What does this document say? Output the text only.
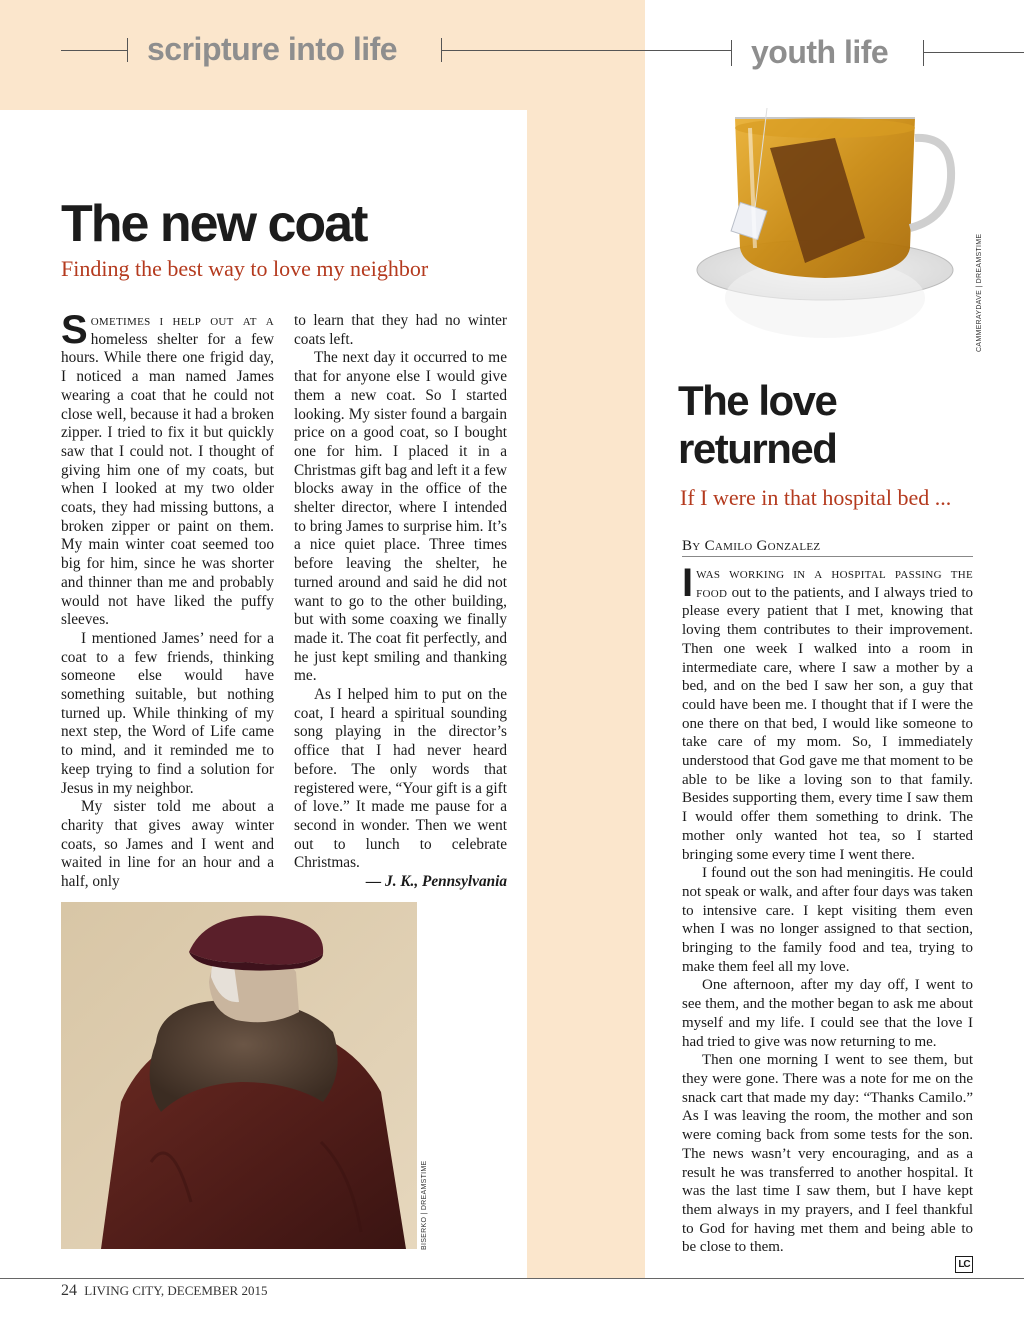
scripture into life	youth life
The new coat
Finding the best way to love my neighbor

Sometimes i help out at a homeless shelter for a few hours. While there one frigid day, I noticed a man named James wearing a coat that he could not close well, because it had a broken zipper. I tried to fix it but quickly saw that I could not. I thought of giving him one of my coats, but when I looked at my two older coats, they had missing buttons, a broken zipper or paint on them. My main winter coat seemed too big for him, since he was shorter and thinner than me and probably would not have liked the puffy sleeves.

I mentioned James’ need for a coat to a few friends, thinking someone else would have something suitable, but nothing turned up. While thinking of my next step, the Word of Life came to mind, and it reminded me to keep trying to find a solution for Jesus in my neighbor.

My sister told me about a charity that gives away winter coats, so James and I went and waited in line for an hour and a half, only

to learn that they had no winter coats left.

The next day it occurred to me that for anyone else I would give them a new coat. So I started looking. My sister found a bargain price on a good coat, so I bought one for him. I placed it in a Christmas gift bag and left it a few blocks away in the office of the shelter director, where I intended to bring James to surprise him. It’s a nice quiet place. Three times before leaving the shelter, he turned around and said he did not want to go to the other building, but with some coaxing we finally made it. The coat fit perfectly, and he just kept smiling and thanking me.

As I helped him to put on the coat, I heard a spiritual sounding song playing in the director’s office that I had never heard before. The only words that registered were, “Your gift is a gift of love.” It made me pause for a second in wonder. Then we went out to lunch to celebrate Christmas.

— J. K., Pennsylvania

BISERKO | DREAMSTIME
CAMMERAYDAVE | DREAMSTIME
The love
returned
If I were in that hospital bed ...
By Camilo Gonzalez

Iwas working in a hospital passing the food out to the patients, and I always tried to please every patient that I met, knowing that loving them contributes to their improvement. Then one week I walked into a room in intermediate care, where I saw a mother by a bed, and on the bed I saw her son, a guy that could have been me. I thought that if I were the one there on that bed, I would like someone to take care of my mom. So, I immediately understood that God gave me that moment to be able to be like a loving son to that family. Besides supporting them, every time I saw them I would offer them something to drink. The mother only wanted hot tea, so I started bringing some every time I went there.

I found out the son had meningitis. He could not speak or walk, and after four days was taken to intensive care. I kept visiting them even when I was no longer assigned to that section, bringing to the family food and tea, trying to make them feel all my love.

One afternoon, after my day off, I went to see them, and the mother began to ask me about myself and my life. I could see that the love I had tried to give was now returning to me.

Then one morning I went to see them, but they were gone. There was a note for me on the snack cart that made my day: “Thanks Camilo.” As I was leaving the room, the mother and son were coming back from some tests for the son. The news wasn’t very encouraging, and as a result he was transferred to another hospital. It was the last time I saw them, but I have kept them always in my prayers, and I feel thankful to God for having met them and being able to be close to them.

LC
24 LIVING CITY, DECEMBER 2015
